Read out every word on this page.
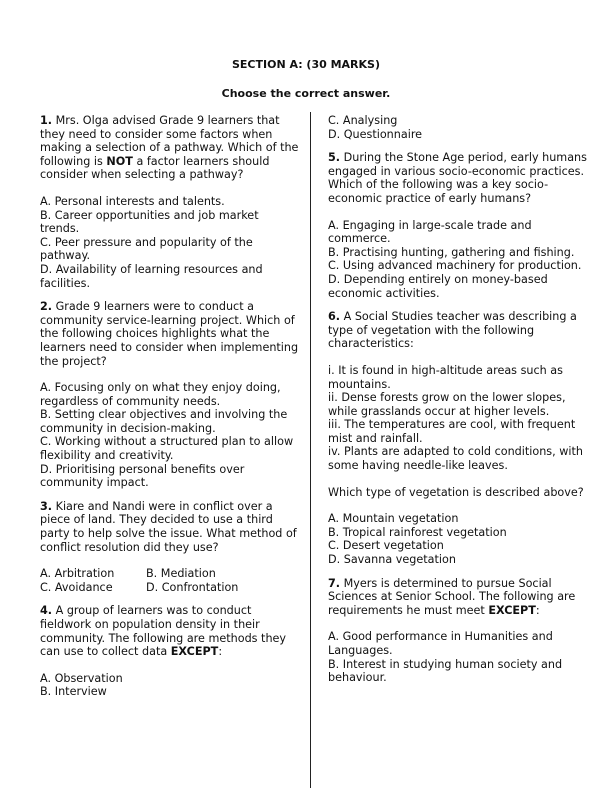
SECTION A: (30 MARKS)
Choose the correct answer.
1. Mrs. Olga advised Grade 9 learners that they need to consider some factors when making a selection of a pathway. Which of the following is NOT a factor learners should consider when selecting a pathway?
A. Personal interests and talents.
B. Career opportunities and job market trends.
C. Peer pressure and popularity of the pathway.
D. Availability of learning resources and facilities.
2. Grade 9 learners were to conduct a community service-learning project. Which of the following choices highlights what the learners need to consider when implementing the project?
A. Focusing only on what they enjoy doing, regardless of community needs.
B. Setting clear objectives and involving the community in decision-making.
C. Working without a structured plan to allow flexibility and creativity.
D. Prioritising personal benefits over community impact.
3. Kiare and Nandi were in conflict over a piece of land. They decided to use a third party to help solve the issue. What method of conflict resolution did they use?
A. Arbitration	B. Mediation
C. Avoidance	D. Confrontation
4. A group of learners was to conduct fieldwork on population density in their community. The following are methods they can use to collect data EXCEPT:
A. Observation
B. Interview
C. Analysing
D. Questionnaire
5. During the Stone Age period, early humans engaged in various socio-economic practices. Which of the following was a key socio-economic practice of early humans?
A. Engaging in large-scale trade and commerce.
B. Practising hunting, gathering and fishing.
C. Using advanced machinery for production.
D. Depending entirely on money-based economic activities.
6. A Social Studies teacher was describing a type of vegetation with the following characteristics:
i. It is found in high-altitude areas such as mountains.
ii. Dense forests grow on the lower slopes, while grasslands occur at higher levels.
iii. The temperatures are cool, with frequent mist and rainfall.
iv. Plants are adapted to cold conditions, with some having needle-like leaves.
Which type of vegetation is described above?
A. Mountain vegetation
B. Tropical rainforest vegetation
C. Desert vegetation
D. Savanna vegetation
7. Myers is determined to pursue Social Sciences at Senior School. The following are requirements he must meet EXCEPT:
A. Good performance in Humanities and Languages.
B. Interest in studying human society and behaviour.
